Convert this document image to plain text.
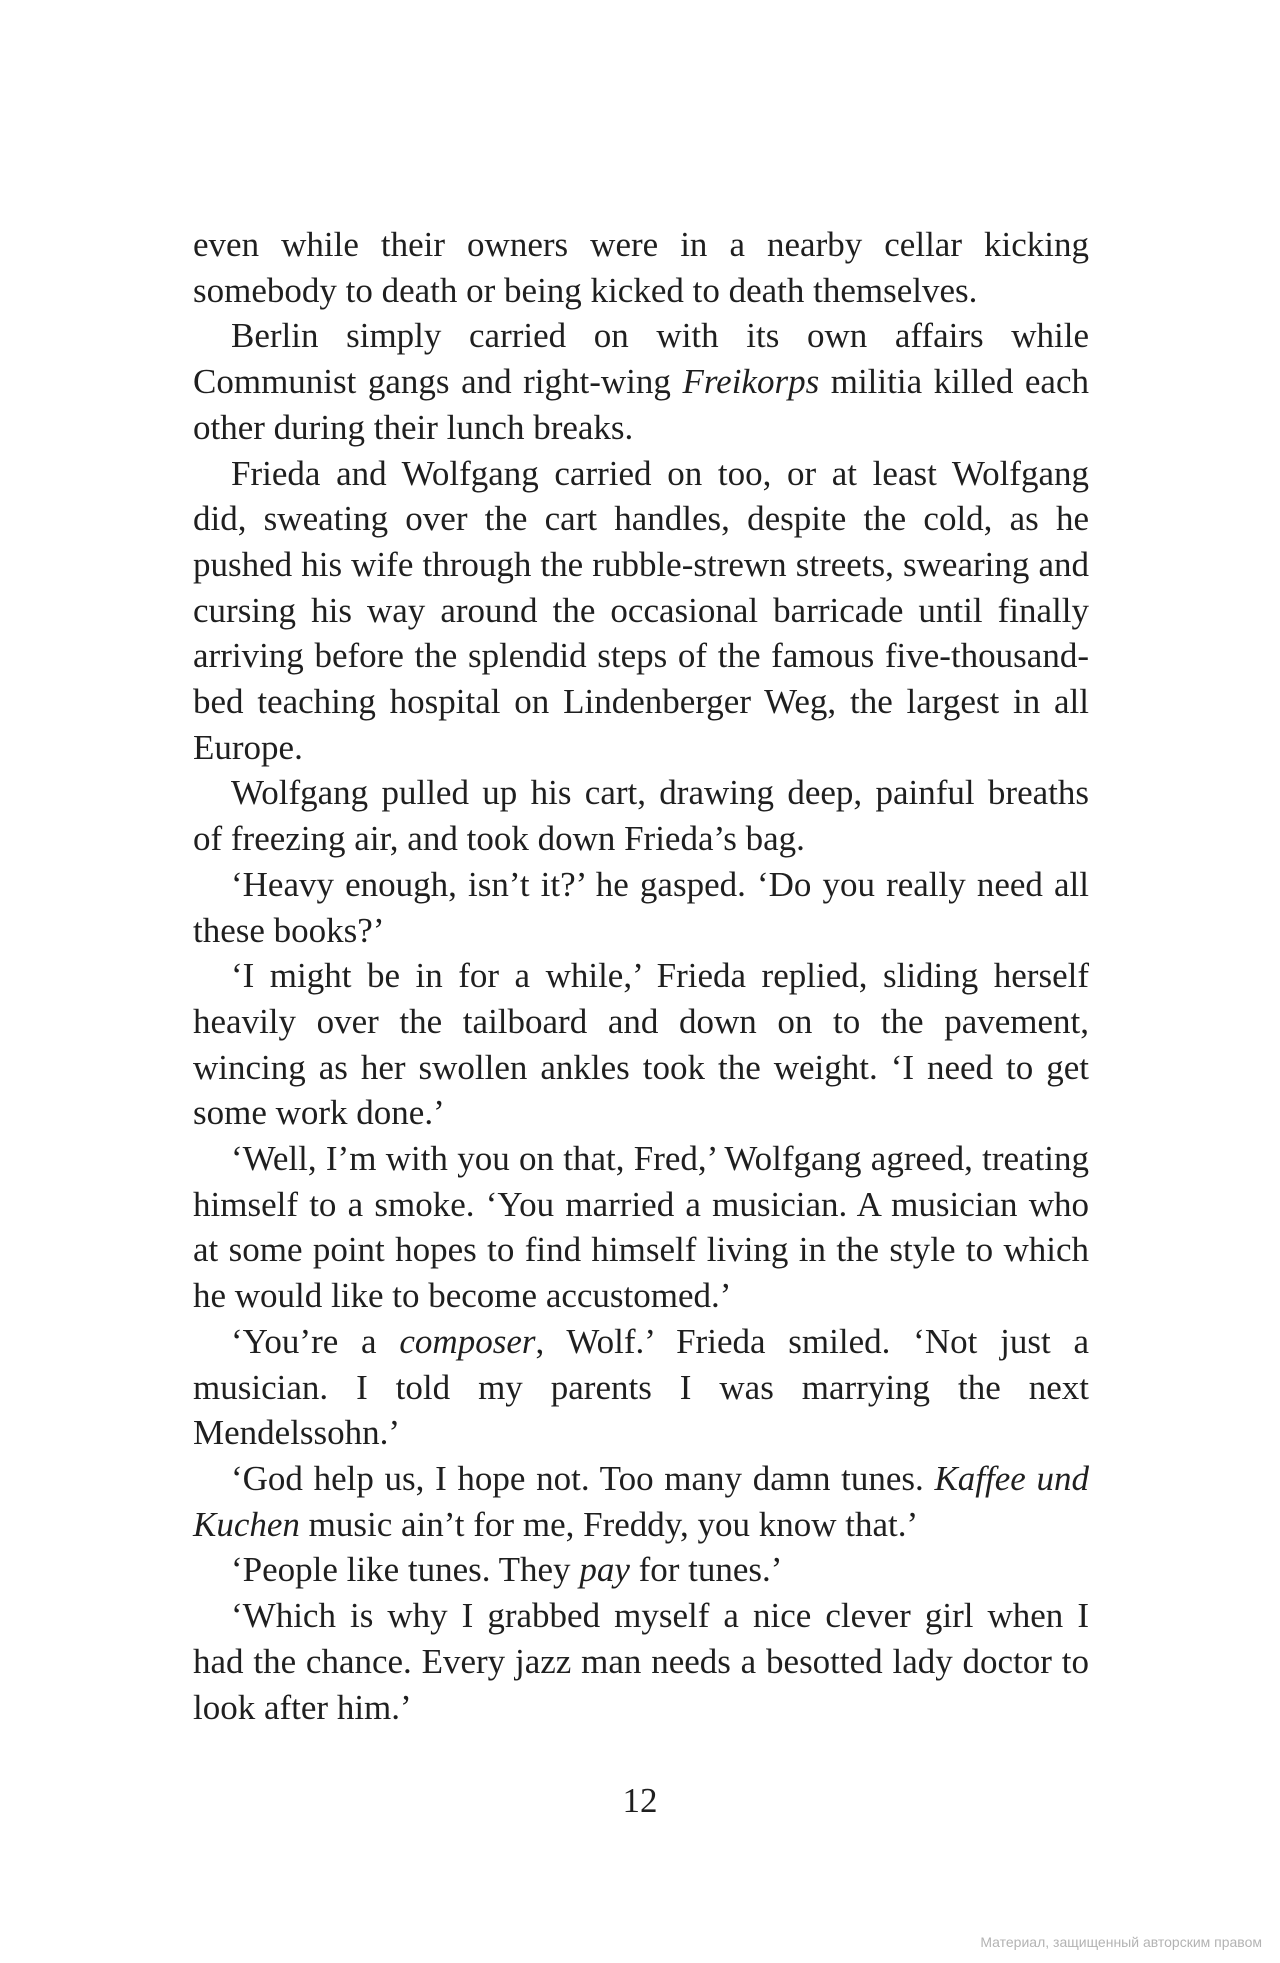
even while their owners were in a nearby cellar kicking somebody to death or being kicked to death themselves.

Berlin simply carried on with its own affairs while Communist gangs and right-wing Freikorps militia killed each other during their lunch breaks.

Frieda and Wolfgang carried on too, or at least Wolfgang did, sweating over the cart handles, despite the cold, as he pushed his wife through the rubble-strewn streets, swearing and cursing his way around the occasional barricade until finally arriving before the splendid steps of the famous five-thousand-bed teaching hospital on Lindenberger Weg, the largest in all Europe.

Wolfgang pulled up his cart, drawing deep, painful breaths of freezing air, and took down Frieda’s bag.

‘Heavy enough, isn’t it?’ he gasped. ‘Do you really need all these books?’

‘I might be in for a while,’ Frieda replied, sliding herself heavily over the tailboard and down on to the pavement, wincing as her swollen ankles took the weight. ‘I need to get some work done.’

‘Well, I’m with you on that, Fred,’ Wolfgang agreed, treating himself to a smoke. ‘You married a musician. A musician who at some point hopes to find himself living in the style to which he would like to become accustomed.’

‘You’re a composer, Wolf.’ Frieda smiled. ‘Not just a musician. I told my parents I was marrying the next Mendelssohn.’

‘God help us, I hope not. Too many damn tunes. Kaffee und Kuchen music ain’t for me, Freddy, you know that.’

‘People like tunes. They pay for tunes.’

‘Which is why I grabbed myself a nice clever girl when I had the chance. Every jazz man needs a besotted lady doctor to look after him.’

12
Материал, защищенный авторским правом
